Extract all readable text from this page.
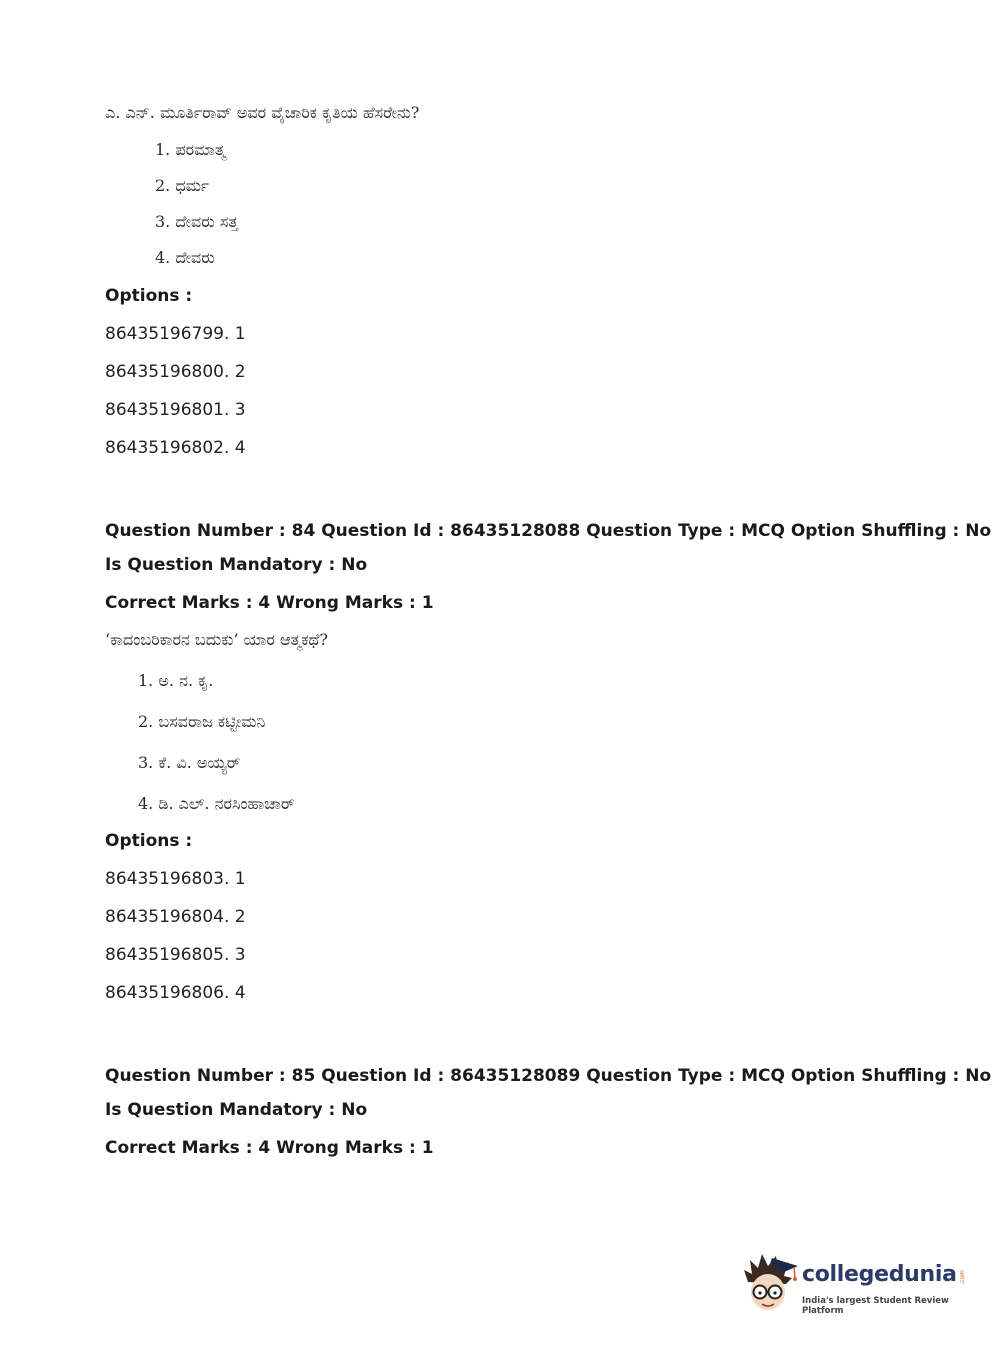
ಎ. ಎನ್. ಮೂರ್ತಿರಾವ್ ಅವರ ವೈಚಾರಿಕ ಕೃತಿಯ ಹೆಸರೇನು?
1. ಪರಮಾತ್ಮ
2. ಧರ್ಮ
3. ದೇವರು ಸತ್ತ
4. ದೇವರು
Options :
86435196799. 1
86435196800. 2
86435196801. 3
86435196802. 4
Question Number : 84 Question Id : 86435128088 Question Type : MCQ Option Shuffling : No
Is Question Mandatory : No
Correct Marks : 4 Wrong Marks : 1
‘ಕಾದಂಬರಿಕಾರನ ಬದುಕು’ ಯಾರ ಆತ್ಮಕಥೆ?
1. ಅ. ನ. ಕೃ.
2. ಬಸವರಾಜ ಕಟ್ಟೀಮನಿ
3. ಕೆ. ವಿ. ಅಯ್ಯರ್
4. ಡಿ. ಎಲ್. ನರಸಿಂಹಾಚಾರ್
Options :
86435196803. 1
86435196804. 2
86435196805. 3
86435196806. 4
Question Number : 85 Question Id : 86435128089 Question Type : MCQ Option Shuffling : No
Is Question Mandatory : No
Correct Marks : 4 Wrong Marks : 1
collegedunia .com
India's largest Student Review Platform
